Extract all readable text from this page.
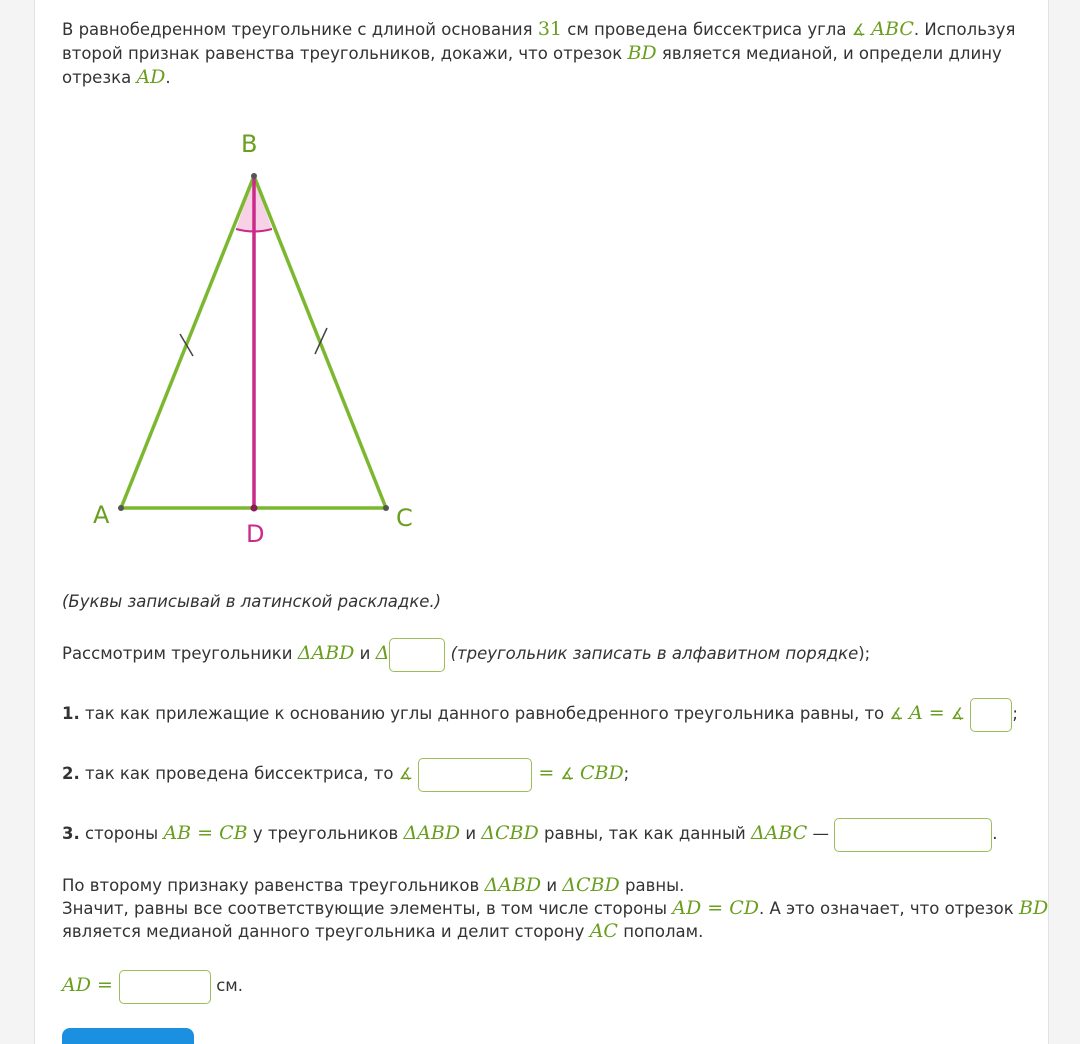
В равнобедренном треугольнике с длиной основания 31 см проведена биссектриса угла ∡ ABC. Используя
второй признак равенства треугольников, докажи, что отрезок BD является медианой, и определи длину
отрезка AD.
B
A	C
D
(Буквы записывай в латинской раскладке.)
Рассмотрим треугольники ΔABD и Δ	(треугольник записать в алфавитном порядке);
1. так как прилежащие к основанию углы данного равнобедренного треугольника равны, то ∡ A = ∡	;
2. так как проведена биссектриса, то ∡	= ∡ CBD;
3. стороны AB = CB у треугольников ΔABD и ΔCBD равны, так как данный ΔABC —	.
По второму признаку равенства треугольников ΔABD и ΔCBD равны.
Значит, равны все соответствующие элементы, в том числе стороны AD = CD. А это означает, что отрезок BD
является медианой данного треугольника и делит сторону AC пополам.
AD =	см.
